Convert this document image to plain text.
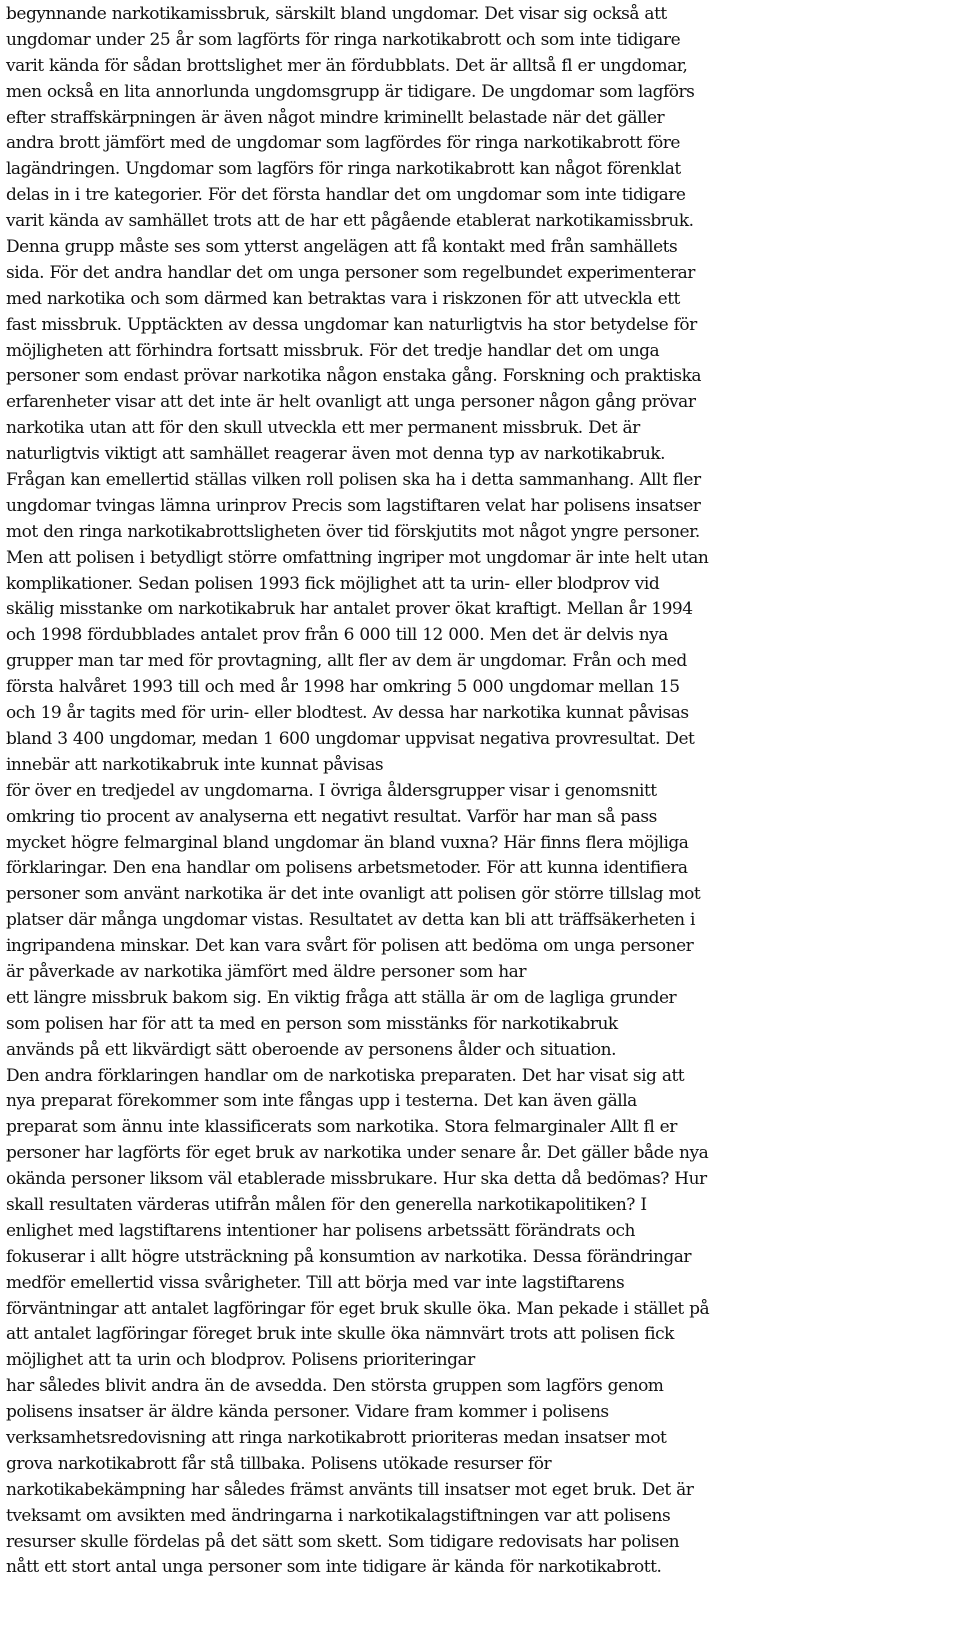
begynnande narkotikamissbruk, särskilt bland ungdomar. Det visar sig också att
ungdomar under 25 år som lagförts för ringa narkotikabrott och som inte tidigare
varit kända för sådan brottslighet mer än fördubblats. Det är alltså fl er ungdomar,
men också en lita annorlunda ungdomsgrupp är tidigare. De ungdomar som lagförs
efter straffskärpningen är även något mindre kriminellt belastade när det gäller
andra brott jämfört med de ungdomar som lagfördes för ringa narkotikabrott före
lagändringen. Ungdomar som lagförs för ringa narkotikabrott kan något förenklat
delas in i tre kategorier. För det första handlar det om ungdomar som inte tidigare
varit kända av samhället trots att de har ett pågående etablerat narkotikamissbruk.
Denna grupp måste ses som ytterst angelägen att få kontakt med från samhällets
sida. För det andra handlar det om unga personer som regelbundet experimenterar
med narkotika och som därmed kan betraktas vara i riskzonen för att utveckla ett
fast missbruk. Upptäckten av dessa ungdomar kan naturligtvis ha stor betydelse för
möjligheten att förhindra fortsatt missbruk. För det tredje handlar det om unga
personer som endast prövar narkotika någon enstaka gång. Forskning och praktiska
erfarenheter visar att det inte är helt ovanligt att unga personer någon gång prövar
narkotika utan att för den skull utveckla ett mer permanent missbruk. Det är
naturligtvis viktigt att samhället reagerar även mot denna typ av narkotikabruk.
Frågan kan emellertid ställas vilken roll polisen ska ha i detta sammanhang. Allt fler
ungdomar tvingas lämna urinprov Precis som lagstiftaren velat har polisens insatser
mot den ringa narkotikabrottsligheten över tid förskjutits mot något yngre personer.
Men att polisen i betydligt större omfattning ingriper mot ungdomar är inte helt utan
komplikationer. Sedan polisen 1993 fick möjlighet att ta urin- eller blodprov vid
skälig misstanke om narkotikabruk har antalet prover ökat kraftigt. Mellan år 1994
och 1998 fördubblades antalet prov från 6 000 till 12 000. Men det är delvis nya
grupper man tar med för provtagning, allt fler av dem är ungdomar. Från och med
första halvåret 1993 till och med år 1998 har omkring 5 000 ungdomar mellan 15
och 19 år tagits med för urin- eller blodtest. Av dessa har narkotika kunnat påvisas
bland 3 400 ungdomar, medan 1 600 ungdomar uppvisat negativa provresultat. Det
innebär att narkotikabruk inte kunnat påvisas
för över en tredjedel av ungdomarna. I övriga åldersgrupper visar i genomsnitt
omkring tio procent av analyserna ett negativt resultat. Varför har man så pass
mycket högre felmarginal bland ungdomar än bland vuxna? Här finns flera möjliga
förklaringar. Den ena handlar om polisens arbetsmetoder. För att kunna identifiera
personer som använt narkotika är det inte ovanligt att polisen gör större tillslag mot
platser där många ungdomar vistas. Resultatet av detta kan bli att träffsäkerheten i
ingripandena minskar. Det kan vara svårt för polisen att bedöma om unga personer
är påverkade av narkotika jämfört med äldre personer som har
ett längre missbruk bakom sig. En viktig fråga att ställa är om de lagliga grunder
som polisen har för att ta med en person som misstänks för narkotikabruk
används på ett likvärdigt sätt oberoende av personens ålder och situation.
Den andra förklaringen handlar om de narkotiska preparaten. Det har visat sig att
nya preparat förekommer som inte fångas upp i testerna. Det kan även gälla
preparat som ännu inte klassificerats som narkotika. Stora felmarginaler Allt fl er
personer har lagförts för eget bruk av narkotika under senare år. Det gäller både nya
okända personer liksom väl etablerade missbrukare. Hur ska detta då bedömas? Hur
skall resultaten värderas utifrån målen för den generella narkotikapolitiken? I
enlighet med lagstiftarens intentioner har polisens arbetssätt förändrats och
fokuserar i allt högre utsträckning på konsumtion av narkotika. Dessa förändringar
medför emellertid vissa svårigheter. Till att börja med var inte lagstiftarens
förväntningar att antalet lagföringar för eget bruk skulle öka. Man pekade i stället på
att antalet lagföringar föreget bruk inte skulle öka nämnvärt trots att polisen fick
möjlighet att ta urin och blodprov. Polisens prioriteringar
har således blivit andra än de avsedda. Den största gruppen som lagförs genom
polisens insatser är äldre kända personer. Vidare fram kommer i polisens
verksamhetsredovisning att ringa narkotikabrott prioriteras medan insatser mot
grova narkotikabrott får stå tillbaka. Polisens utökade resurser för
narkotikabekämpning har således främst använts till insatser mot eget bruk. Det är
tveksamt om avsikten med ändringarna i narkotikalagstiftningen var att polisens
resurser skulle fördelas på det sätt som skett. Som tidigare redovisats har polisen
nått ett stort antal unga personer som inte tidigare är kända för narkotikabrott.
